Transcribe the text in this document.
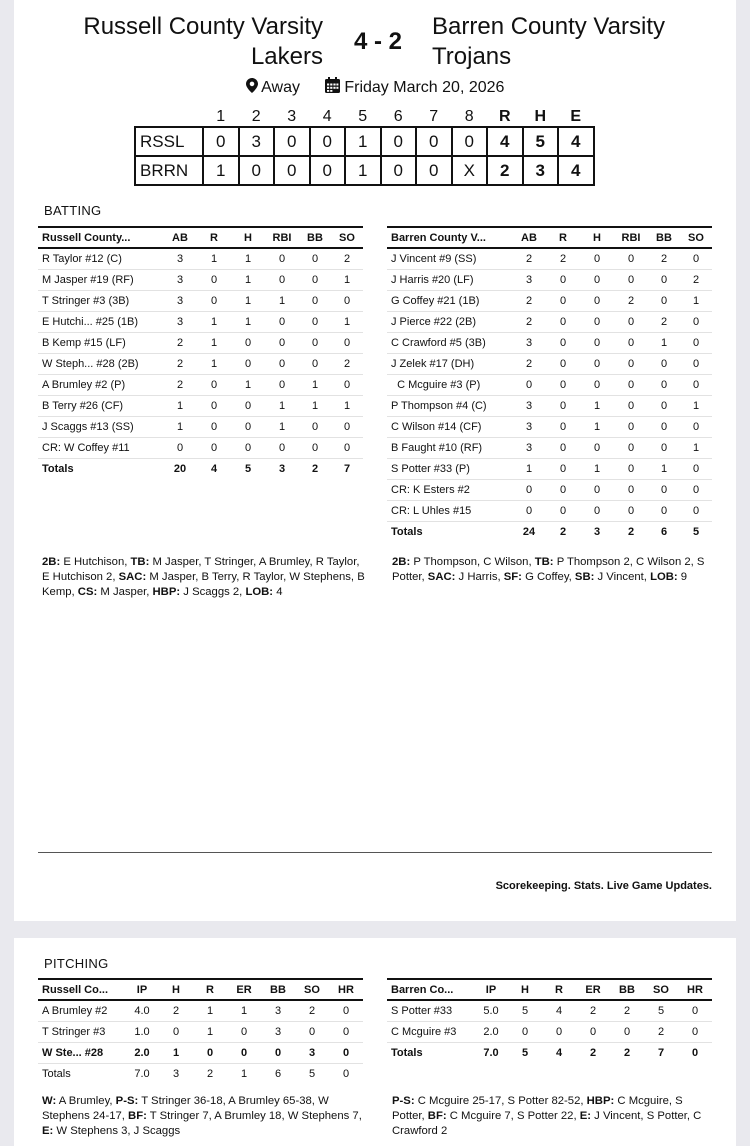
Russell County Varsity
Lakers
4 - 2
Barren County Varsity
Trojans
Away	Friday March 20, 2026
	1	2	3	4	5	6	7	8	R	H	E
RSSL	0	3	0	0	1	0	0	0	4	5	4
BRRN	1	0	0	0	1	0	0	X	2	3	4
BATTING
Russell County...	AB	R	H	RBI	BB	SO
R Taylor #12 (C)	3	1	1	0	0	2
M Jasper #19 (RF)	3	0	1	0	0	1
T Stringer #3 (3B)	3	0	1	1	0	0
E Hutchi... #25 (1B)	3	1	1	0	0	1
B Kemp #15 (LF)	2	1	0	0	0	0
W Steph... #28 (2B)	2	1	0	0	0	2
A Brumley #2 (P)	2	0	1	0	1	0
B Terry #26 (CF)	1	0	0	1	1	1
J Scaggs #13 (SS)	1	0	0	1	0	0
CR: W Coffey #11	0	0	0	0	0	0
Totals	20	4	5	3	2	7
Barren County V...	AB	R	H	RBI	BB	SO
J Vincent #9 (SS)	2	2	0	0	2	0
J Harris #20 (LF)	3	0	0	0	0	2
G Coffey #21 (1B)	2	0	0	2	0	1
J Pierce #22 (2B)	2	0	0	0	2	0
C Crawford #5 (3B)	3	0	0	0	1	0
J Zelek #17 (DH)	2	0	0	0	0	0
C Mcguire #3 (P)	0	0	0	0	0	0
P Thompson #4 (C)	3	0	1	0	0	1
C Wilson #14 (CF)	3	0	1	0	0	0
B Faught #10 (RF)	3	0	0	0	0	1
S Potter #33 (P)	1	0	1	0	1	0
CR: K Esters #2	0	0	0	0	0	0
CR: L Uhles #15	0	0	0	0	0	0
Totals	24	2	3	2	6	5
2B: E Hutchison, TB: M Jasper, T Stringer, A Brumley, R Taylor, E Hutchison 2, SAC: M Jasper, B Terry, R Taylor, W Stephens, B Kemp, CS: M Jasper, HBP: J Scaggs 2, LOB: 4
2B: P Thompson, C Wilson, TB: P Thompson 2, C Wilson 2, S Potter, SAC: J Harris, SF: G Coffey, SB: J Vincent, LOB: 9
Scorekeeping. Stats. Live Game Updates.
PITCHING
Russell Co...	IP	H	R	ER	BB	SO	HR
A Brumley #2	4.0	2	1	1	3	2	0
T Stringer #3	1.0	0	1	0	3	0	0
W Ste... #28	2.0	1	0	0	0	3	0
Totals	7.0	3	2	1	6	5	0
Barren Co...	IP	H	R	ER	BB	SO	HR
S Potter #33	5.0	5	4	2	2	5	0
C Mcguire #3	2.0	0	0	0	0	2	0
Totals	7.0	5	4	2	2	7	0
W: A Brumley, P-S: T Stringer 36-18, A Brumley 65-38, W Stephens 24-17, BF: T Stringer 7, A Brumley 18, W Stephens 7, E: W Stephens 3, J Scaggs
P-S: C Mcguire 25-17, S Potter 82-52, HBP: C Mcguire, S Potter, BF: C Mcguire 7, S Potter 22, E: J Vincent, S Potter, C Crawford 2
